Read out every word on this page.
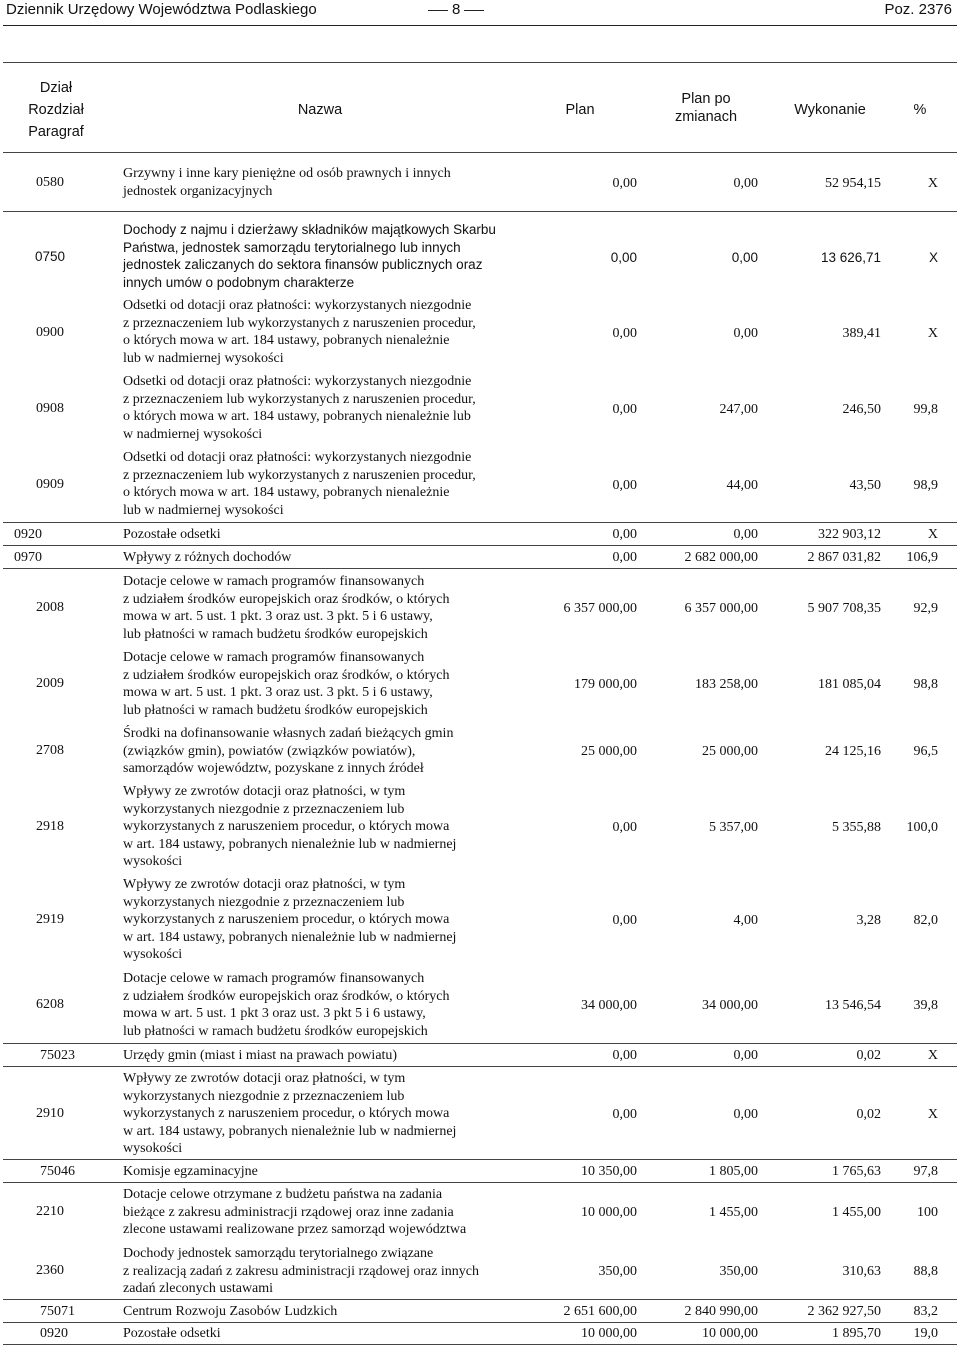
Dziennik Urzędowy Województwa Podlaskiego	8	Poz. 2376
Dział
Rozdział
Paragraf
Nazwa	Plan
Plan po
zmianach	Wykonanie	%
0580
Grzywny i inne kary pieniężne od osób prawnych i innych
jednostek organizacyjnych	0,00	0,00	52 954,15	X
0750
Dochody z najmu i dzierżawy składników majątkowych Skarbu
Państwa, jednostek samorządu terytorialnego lub innych
jednostek zaliczanych do sektora finansów publicznych oraz
innych umów o podobnym charakterze
0,00	0,00	13 626,71	X
0900
Odsetki od dotacji oraz płatności: wykorzystanych niezgodnie
z przeznaczeniem lub wykorzystanych z naruszenien procedur,
o których mowa w art. 184 ustawy, pobranych nienależnie
lub w nadmiernej wysokości
0,00	0,00	389,41	X
0908
Odsetki od dotacji oraz płatności: wykorzystanych niezgodnie
z przeznaczeniem lub wykorzystanych z naruszenien procedur,
o których mowa w art. 184 ustawy, pobranych nienależnie lub
w nadmiernej wysokości
0,00	247,00	246,50 99,8
0909
Odsetki od dotacji oraz płatności: wykorzystanych niezgodnie
z przeznaczeniem lub wykorzystanych z naruszenien procedur,
o których mowa w art. 184 ustawy, pobranych nienależnie
lub w nadmiernej wysokości
0,00	44,00	43,50 98,9
0920	Pozostałe odsetki	0,00	0,00	322 903,12	X
0970	Wpływy z różnych dochodów	0,00	2 682 000,00	2 867 031,82 106,9
2008
Dotacje celowe w ramach programów finansowanych
z udziałem środków europejskich oraz środków, o których
mowa w art. 5 ust. 1 pkt. 3 oraz ust. 3 pkt. 5 i 6 ustawy,
lub płatności w ramach budżetu środków europejskich
6 357 000,00	6 357 000,00	5 907 708,35 92,9
2009
Dotacje celowe w ramach programów finansowanych
z udziałem środków europejskich oraz środków, o których
mowa w art. 5 ust. 1 pkt. 3 oraz ust. 3 pkt. 5 i 6 ustawy,
lub płatności w ramach budżetu środków europejskich
179 000,00	183 258,00	181 085,04 98,8
2708
Środki na dofinansowanie własnych zadań bieżących gmin
(związków gmin), powiatów (związków powiatów),
samorządów województw, pozyskane z innych źródeł
25 000,00	25 000,00	24 125,16 96,5
2918
Wpływy ze zwrotów dotacji oraz płatności, w tym
wykorzystanych niezgodnie z przeznaczeniem lub
wykorzystanych z naruszeniem procedur, o których mowa
w art. 184 ustawy, pobranych nienależnie lub w nadmiernej
wysokości
0,00	5 357,00	5 355,88 100,0
2919
Wpływy ze zwrotów dotacji oraz płatności, w tym
wykorzystanych niezgodnie z przeznaczeniem lub
wykorzystanych z naruszeniem procedur, o których mowa
w art. 184 ustawy, pobranych nienależnie lub w nadmiernej
wysokości
0,00	4,00	3,28 82,0
6208
Dotacje celowe w ramach programów finansowanych
z udziałem środków europejskich oraz środków, o których
mowa w art. 5 ust. 1 pkt 3 oraz ust. 3 pkt 5 i 6 ustawy,
lub płatności w ramach budżetu środków europejskich
34 000,00	34 000,00	13 546,54 39,8
75023	Urzędy gmin (miast i miast na prawach powiatu)	0,00	0,00	0,02	X
2910
Wpływy ze zwrotów dotacji oraz płatności, w tym
wykorzystanych niezgodnie z przeznaczeniem lub
wykorzystanych z naruszeniem procedur, o których mowa
w art. 184 ustawy, pobranych nienależnie lub w nadmiernej
wysokości
0,00	0,00	0,02	X
75046	Komisje egzaminacyjne	10 350,00	1 805,00	1 765,63 97,8
2210
Dotacje celowe otrzymane z budżetu państwa na zadania
bieżące z zakresu administracji rządowej oraz inne zadania
zlecone ustawami realizowane przez samorząd województwa
10 000,00	1 455,00	1 455,00	100
2360
Dochody jednostek samorządu terytorialnego związane
z realizacją zadań z zakresu administracji rządowej oraz innych
zadań zleconych ustawami
350,00	350,00	310,63 88,8
75071	Centrum Rozwoju Zasobów Ludzkich	2 651 600,00	2 840 990,00	2 362 927,50 83,2
0920	Pozostałe odsetki	10 000,00	10 000,00	1 895,70 19,0
